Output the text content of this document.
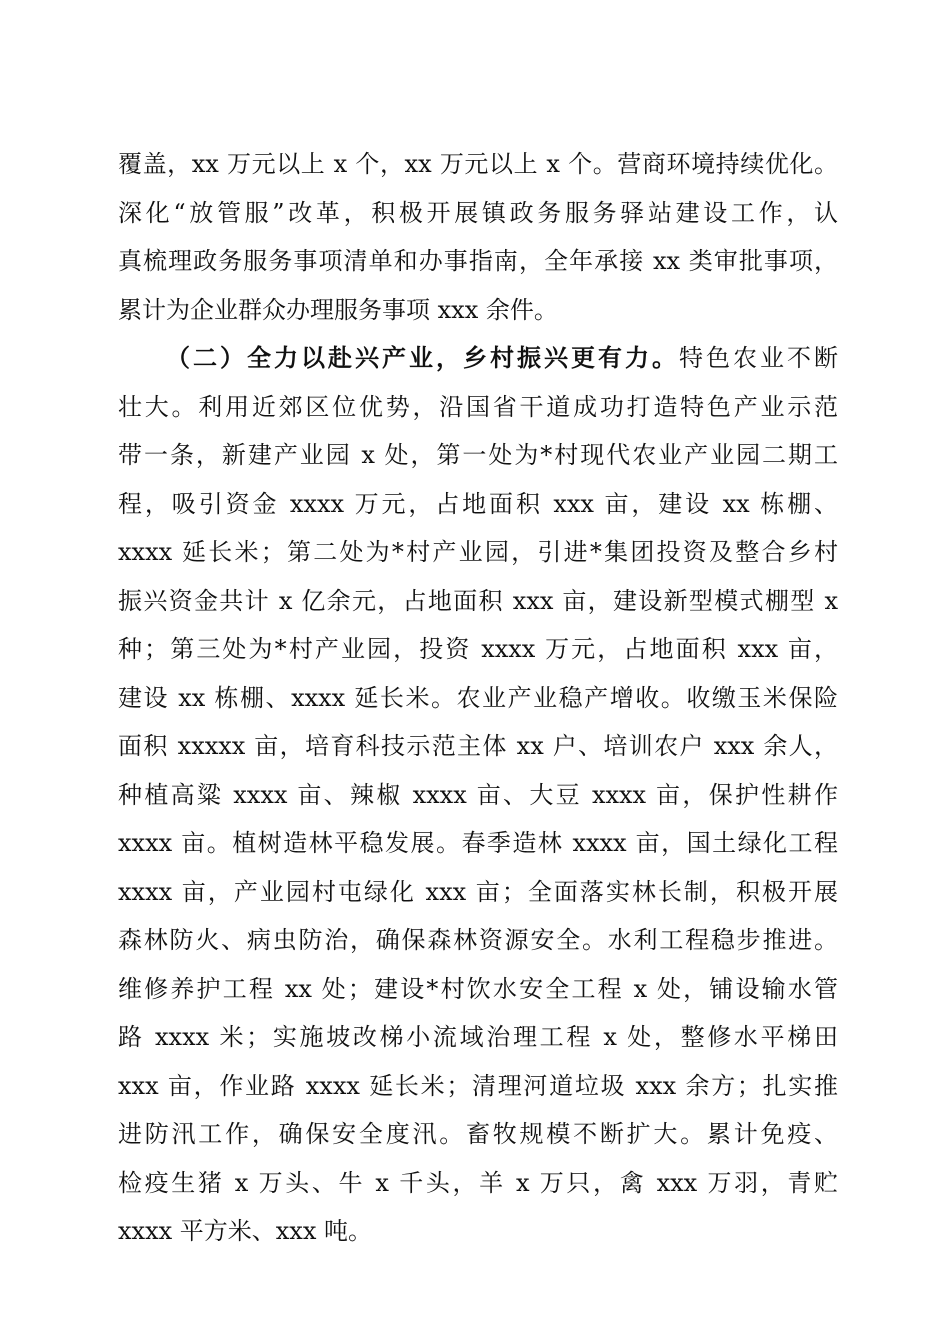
覆盖，xx 万元以上 x 个，xx 万元以上 x 个。营商环境持续优化。
深化“放管服”改革，积极开展镇政务服务驿站建设工作，认
真梳理政务服务事项清单和办事指南，全年承接 xx 类审批事项，
累计为企业群众办理服务事项 xxx 余件。
（二）全力以赴兴产业，乡村振兴更有力。特色农业不断
壮大。利用近郊区位优势，沿国省干道成功打造特色产业示范
带一条，新建产业园 x 处，第一处为*村现代农业产业园二期工
程，吸引资金 xxxx 万元，占地面积 xxx 亩，建设 xx 栋棚、
xxxx 延长米；第二处为*村产业园，引进*集团投资及整合乡村
振兴资金共计 x 亿余元，占地面积 xxx 亩，建设新型模式棚型 x
种；第三处为*村产业园，投资 xxxx 万元，占地面积 xxx 亩，
建设 xx 栋棚、xxxx 延长米。农业产业稳产增收。收缴玉米保险
面积 xxxxx 亩，培育科技示范主体 xx 户、培训农户 xxx 余人，
种植高粱 xxxx 亩、辣椒 xxxx 亩、大豆 xxxx 亩，保护性耕作
xxxx 亩。植树造林平稳发展。春季造林 xxxx 亩，国土绿化工程
xxxx 亩，产业园村屯绿化 xxx 亩；全面落实林长制，积极开展
森林防火、病虫防治，确保森林资源安全。水利工程稳步推进。
维修养护工程 xx 处；建设*村饮水安全工程 x 处，铺设输水管
路 xxxx 米；实施坡改梯小流域治理工程 x 处，整修水平梯田
xxx 亩，作业路 xxxx 延长米；清理河道垃圾 xxx 余方；扎实推
进防汛工作，确保安全度汛。畜牧规模不断扩大。累计免疫、
检疫生猪 x 万头、牛 x 千头，羊 x 万只，禽 xxx 万羽，青贮
xxxx 平方米、xxx 吨。
